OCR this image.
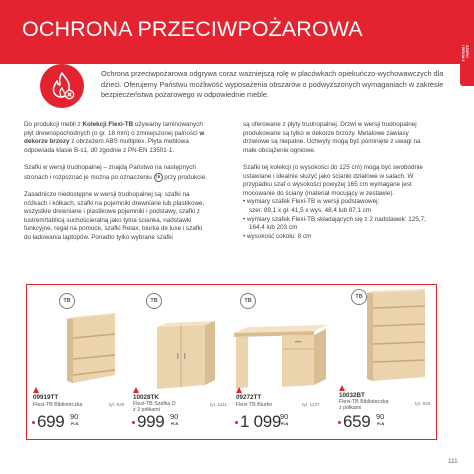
OCHRONA PRZECIWPOŻAROWA
SZAFKI
I REGAŁY
Ochrona przeciwpożarowa odgrywa coraz ważniejszą rolę w placówkach opiekuńczo-wychowawczych dla dzieci. Oferujemy Państwu możliwość wyposażenia obszarów o podwyższonych wymaganiach w zakresie bezpieczeństwa pożarowego w odpowiednie meble.

Do produkcji mebli z Kolekcji Flexi-TB używamy laminowanych płyt drewnopochodnych (o gr. 18 mm) o zmniejszonej palności w dekorze brzozy z obrzeżem ABS multiplex. Płyta meblowa odpowiada klasie B-s1, d0 zgodnie z PN-EN 13501-1.

Szafki w wersji trudnopalnej – znajdą Państwo na następnych stronach i rozpoznać je można po oznaczeniu TB przy produkcie.

Zasadniczo niedostępne w wersji trudnopalnej są: szafki na nóżkach i kółkach, szafki na pojemniki drewniane lub plastikowe, wszystkie drewniane i plastikowe pojemniki i podstawy, szafki z lustrem/tablicą suchościeralną jako tylna ścianka, nadstawki funkcyjne, regał na pomoce, szafki Relax, biurka de luxe i szafki do ładowania laptopów. Ponadto tylko wybrane szafki

są oferowane z płyty trudnopalnej. Drzwi w wersji trudnopalnej produkowane są tylko w dekorze brzozy. Metalowe zawiasy drzwiowe są niepalne. Uchwyty mogą być pominięte z uwagi na małe obciążenie ogniowe.

Szafki tej kolekcji (o wysokości do 125 cm) mogą być swobodnie ustawiane i idealnie służyć jako ścianki działowe w salach. W przypadku szaf o wysokości powyżej 165 cm wymagane jest mocowanie do ściany (materiał mocujący w zestawie).

• wymiary szafek Flexi-TB w wersji podstawowej:
szer. 89,1 x gł. 41,5 x wys. 48,4 lub 87,1 cm
• wymiary szafek Flexi-TB składających się z 2 nadstawek: 125,7; 164,4 lub 203 cm
• wysokość cokołu: 8 cm
TB
09919TT
Flexi-TB Biblioteczka	tyl. 929
699 90
PLN
TB
10028TK
Flexi-TB Szafka D
z 3 półkami
tyl. 1111
999 90
PLN
TB
09272TT
Flexi-TB Biurko	tyl. 1137
1 099
90
PLN
TB
10032BT
Flexi-TB Biblioteczka
z półkami
tyl. 929
659 90
PLN
111
